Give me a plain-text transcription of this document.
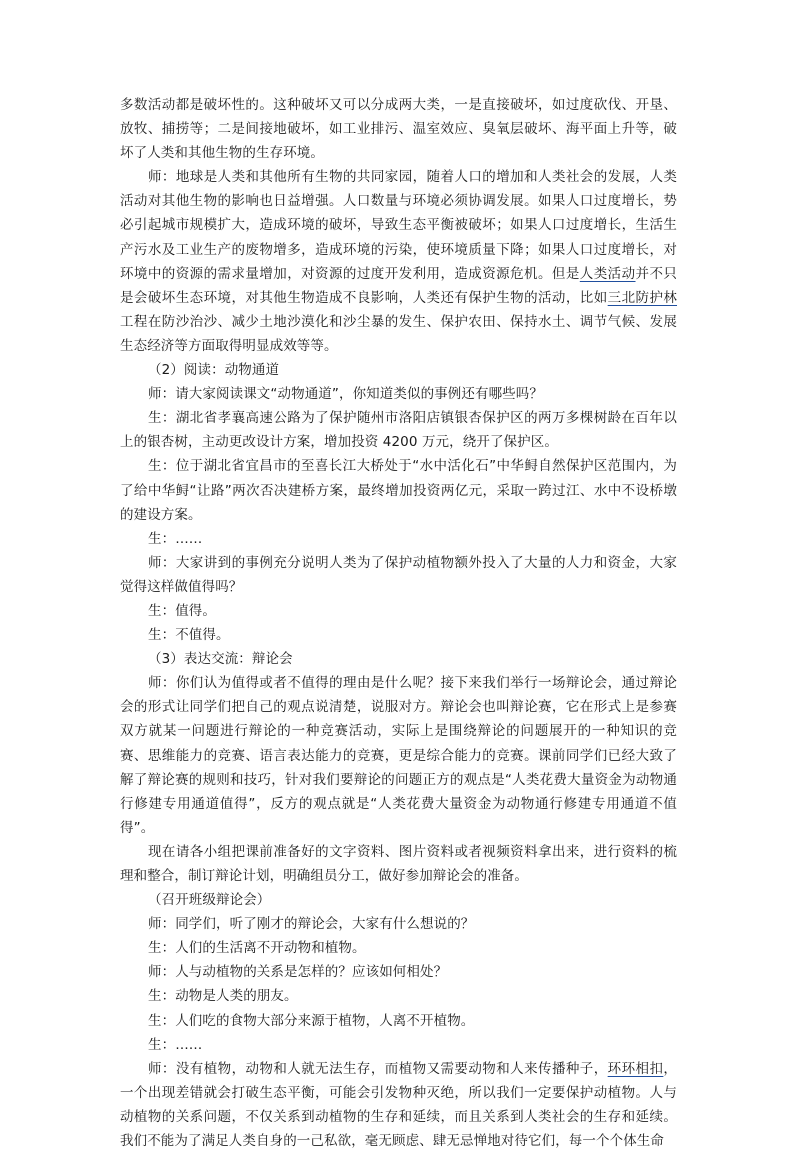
多数活动都是破坏性的。这种破坏又可以分成两大类，一是直接破坏，如过度砍伐、开垦、放牧、捕捞等；二是间接地破坏，如工业排污、温室效应、臭氧层破坏、海平面上升等，破坏了人类和其他生物的生存环境。

师：地球是人类和其他所有生物的共同家园，随着人口的增加和人类社会的发展，人类活动对其他生物的影响也日益增强。人口数量与环境必须协调发展。如果人口过度增长，势必引起城市规模扩大，造成环境的破坏，导致生态平衡被破坏；如果人口过度增长，生活生产污水及工业生产的废物增多，造成环境的污染，使环境质量下降；如果人口过度增长，对环境中的资源的需求量增加，对资源的过度开发利用，造成资源危机。但是人类活动并不只是会破坏生态环境，对其他生物造成不良影响，人类还有保护生物的活动，比如三北防护林工程在防沙治沙、减少土地沙漠化和沙尘暴的发生、保护农田、保持水土、调节气候、发展生态经济等方面取得明显成效等等。

（2）阅读：动物通道

师：请大家阅读课文“动物通道”，你知道类似的事例还有哪些吗？

生：湖北省孝襄高速公路为了保护随州市洛阳店镇银杏保护区的两万多棵树龄在百年以上的银杏树，主动更改设计方案，增加投资 4200 万元，绕开了保护区。

生：位于湖北省宜昌市的至喜长江大桥处于“水中活化石”中华鲟自然保护区范围内，为了给中华鲟“让路”两次否决建桥方案，最终增加投资两亿元，采取一跨过江、水中不设桥墩的建设方案。

生：……

师：大家讲到的事例充分说明人类为了保护动植物额外投入了大量的人力和资金，大家觉得这样做值得吗？

生：值得。

生：不值得。

（3）表达交流：辩论会

师：你们认为值得或者不值得的理由是什么呢？接下来我们举行一场辩论会，通过辩论会的形式让同学们把自己的观点说清楚，说服对方。辩论会也叫辩论赛，它在形式上是参赛双方就某一问题进行辩论的一种竞赛活动，实际上是围绕辩论的问题展开的一种知识的竞赛、思维能力的竞赛、语言表达能力的竞赛，更是综合能力的竞赛。课前同学们已经大致了解了辩论赛的规则和技巧，针对我们要辩论的问题正方的观点是“人类花费大量资金为动物通行修建专用通道值得”，反方的观点就是“人类花费大量资金为动物通行修建专用通道不值得”。

现在请各小组把课前准备好的文字资料、图片资料或者视频资料拿出来，进行资料的梳理和整合，制订辩论计划，明确组员分工，做好参加辩论会的准备。

（召开班级辩论会）

师：同学们，听了刚才的辩论会，大家有什么想说的？

生：人们的生活离不开动物和植物。

师：人与动植物的关系是怎样的？应该如何相处？

生：动物是人类的朋友。

生：人们吃的食物大部分来源于植物，人离不开植物。

生：……

师：没有植物，动物和人就无法生存，而植物又需要动物和人来传播种子，环环相扣，一个出现差错就会打破生态平衡，可能会引发物种灭绝，所以我们一定要保护动植物。人与动植物的关系问题，不仅关系到动植物的生存和延续，而且关系到人类社会的生存和延续。我们不能为了满足人类自身的一己私欲，毫无顾虑、肆无忌惮地对待它们，每一个个体生命
